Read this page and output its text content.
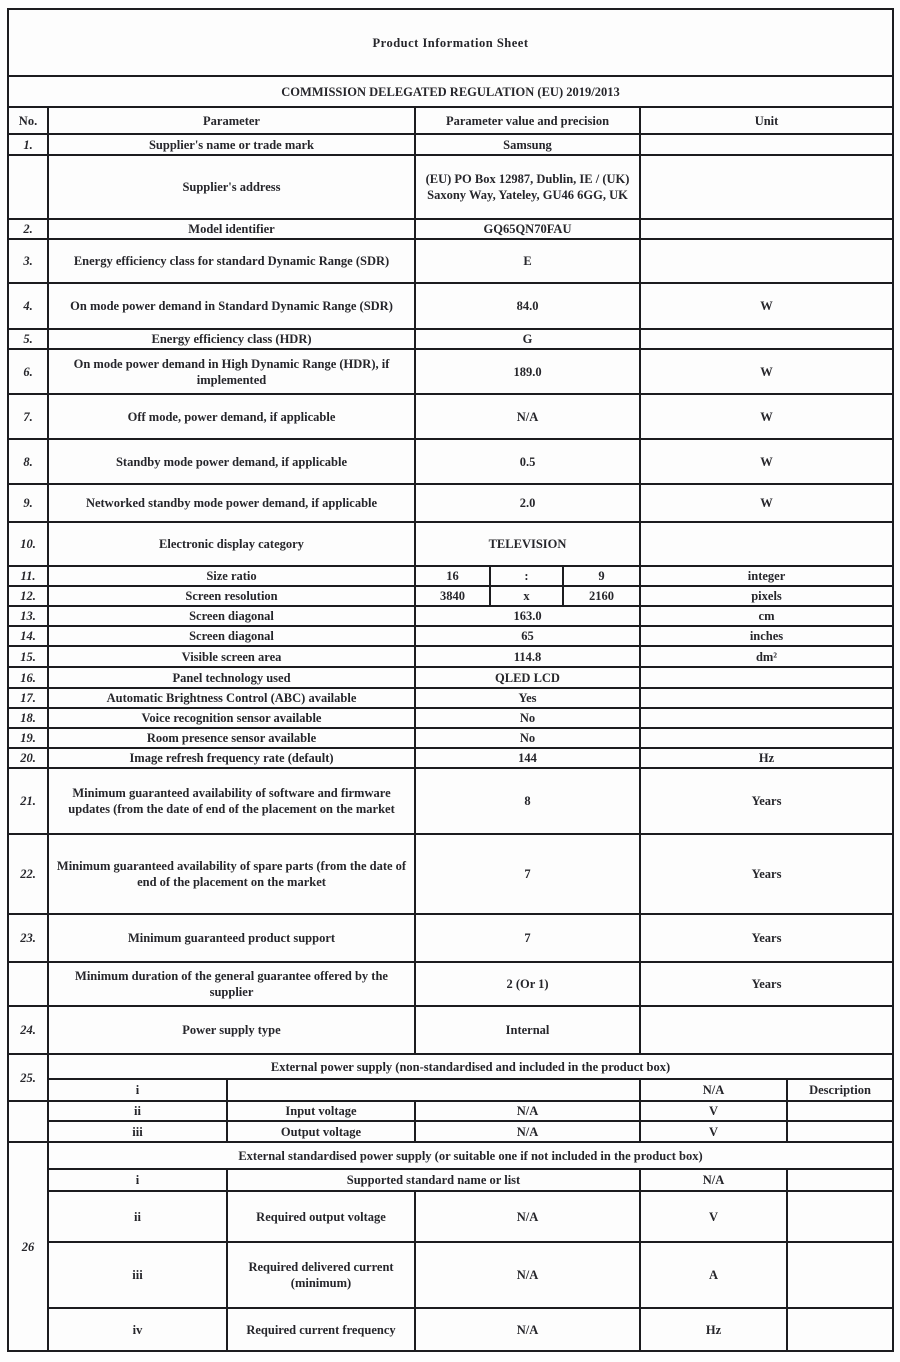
Product Information Sheet							
COMMISSION DELEGATED REGULATION (EU) 2019/2013							
No.	Parameter		Parameter value and precision			Unit	
1.	Supplier's name or trade mark		Samsung				
	Supplier's address		(EU) PO Box 12987, Dublin, IE / (UK) Saxony Way, Yateley, GU46 6GG, UK				
2.	Model identifier		GQ65QN70FAU				
3.	Energy efficiency class for standard Dynamic Range (SDR)		E				
4.	On mode power demand in Standard Dynamic Range (SDR)		84.0			W	
5.	Energy efficiency class (HDR)		G				
6.	On mode power demand in High Dynamic Range (HDR), if implemented		189.0			W	
7.	Off mode, power demand, if applicable		N/A			W	
8.	Standby mode power demand, if applicable		0.5			W	
9.	Networked standby mode power demand, if applicable		2.0			W	
10.	Electronic display category		TELEVISION				
11.	Size ratio		16	:	9	integer	
12.	Screen resolution		3840	x	2160	pixels	
13.	Screen diagonal		163.0			cm	
14.	Screen diagonal		65			inches	
15.	Visible screen area		114.8			dm²	
16.	Panel technology used		QLED LCD				
17.	Automatic Brightness Control (ABC) available		Yes				
18.	Voice recognition sensor available		No				
19.	Room presence sensor available		No				
20.	Image refresh frequency rate (default)		144			Hz	
21.	Minimum guaranteed availability of software and firmware updates (from the date of end of the placement on the market		8			Years	
22.	Minimum guaranteed availability of spare parts (from the date of end of the placement on the market		7			Years	
23.	Minimum guaranteed product support		7			Years	
	Minimum duration of the general guarantee offered by the supplier		2 (Or 1)			Years	
24.	Power supply type		Internal				
25.	External power supply (non-standardised and included in the product box)						
	i					N/A	Description
	ii	Input voltage	N/A			V	
	iii	Output voltage	N/A			V	
26	External standardised power supply (or suitable one if not included in the product box)						
	i	Supported standard name or list				N/A	
	ii	Required output voltage	N/A			V	
	iii	Required delivered current (minimum)	N/A			A	
	iv	Required current frequency	N/A			Hz	
